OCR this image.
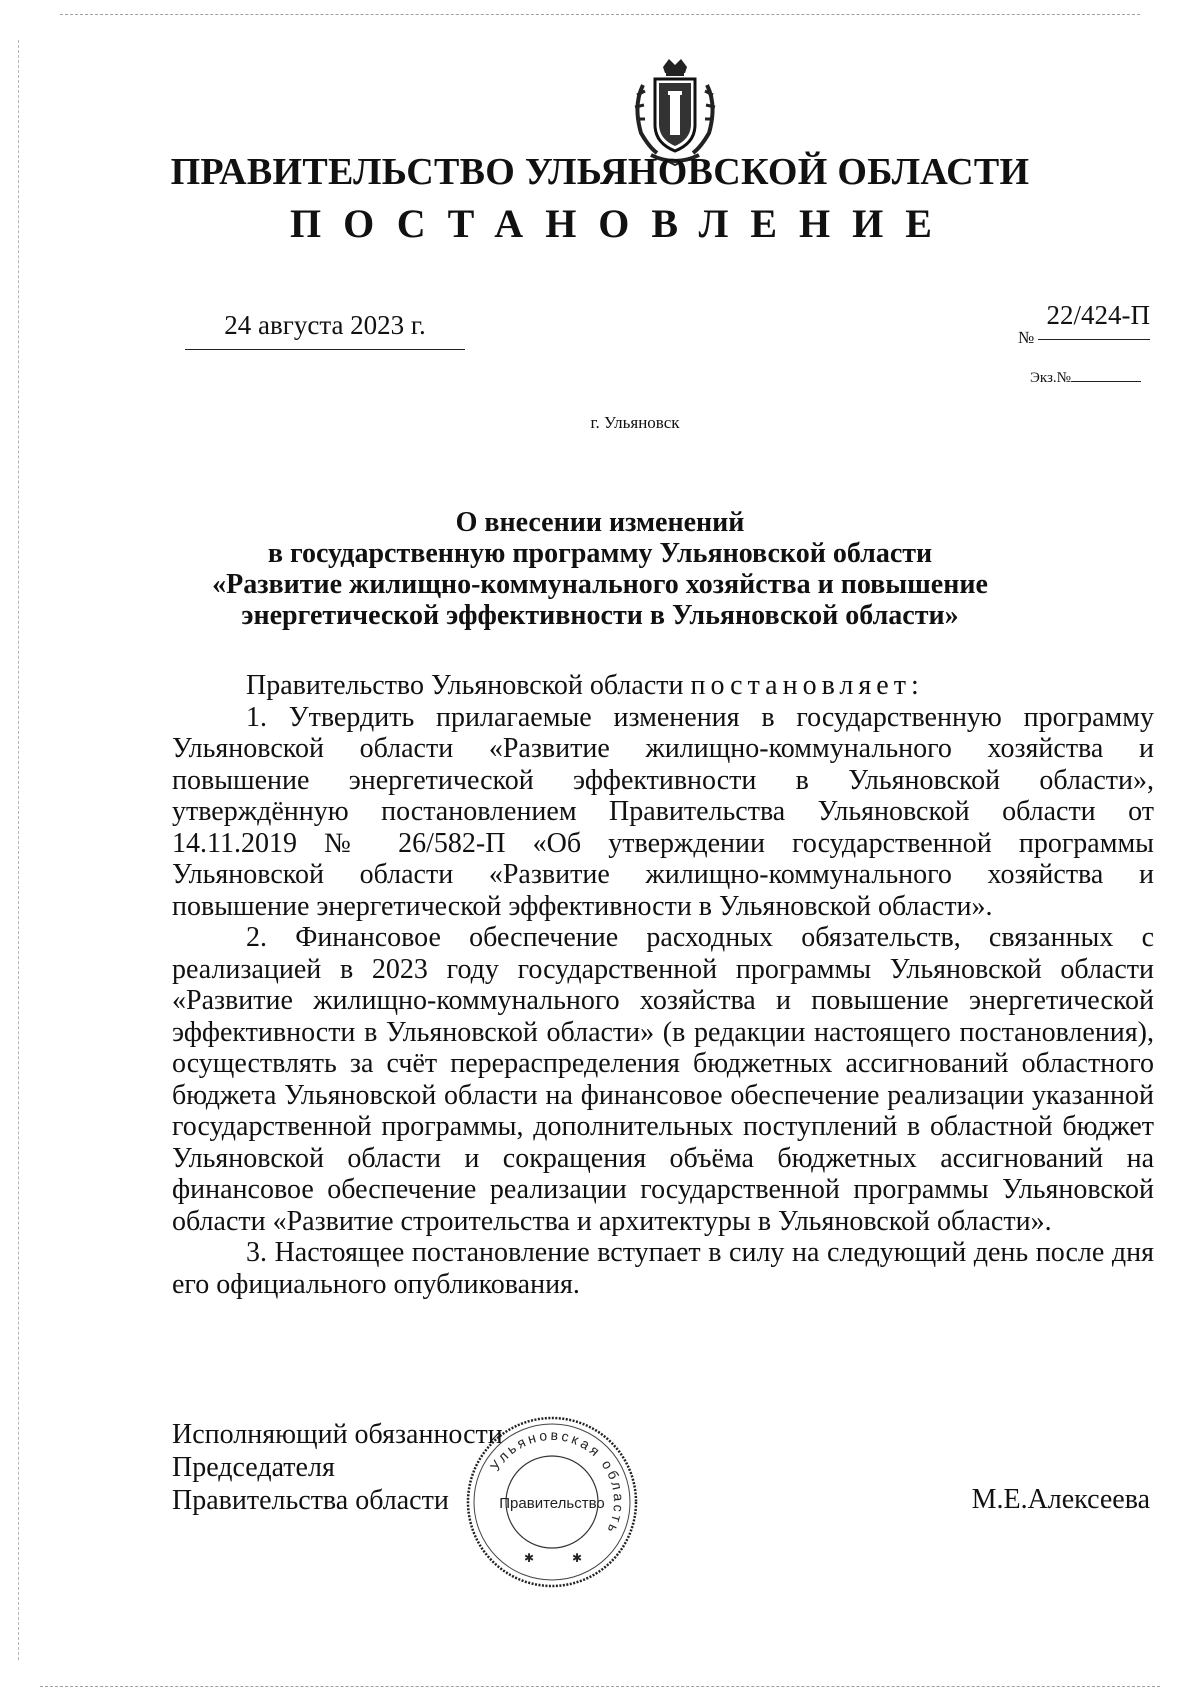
ПРАВИТЕЛЬСТВО УЛЬЯНОВСКОЙ ОБЛАСТИ
ПОСТАНОВЛЕНИЕ
24 августа 2023 г.	№
22/424-П
Экз.№
г. Ульяновск
О внесении изменений
в государственную программу Ульяновской области
«Развитие жилищно-коммунального хозяйства и повышение
энергетической эффективности в Ульяновской области»

Правительство Ульяновской области постановляет:

1. Утвердить прилагаемые изменения в государственную программу Ульяновской области «Развитие жилищно-коммунального хозяйства и повышение энергетической эффективности в Ульяновской области», утверждённую постановлением Правительства Ульяновской области от 14.11.2019 № 26/582-П «Об утверждении государственной программы Ульяновской области «Развитие жилищно-коммунального хозяйства и повышение энергетической эффективности в Ульяновской области».

2. Финансовое обеспечение расходных обязательств, связанных с реализацией в 2023 году государственной программы Ульяновской области «Развитие жилищно-коммунального хозяйства и повышение энергетической эффективности в Ульяновской области» (в редакции настоящего постановления), осуществлять за счёт перераспределения бюджетных ассигнований областного бюджета Ульяновской области на финансовое обеспечение реализации указанной государственной программы, дополнительных поступлений в областной бюджет Ульяновской области и сокращения объёма бюджетных ассигнований на финансовое обеспечение реализации государственной программы Ульяновской области «Развитие строительства и архитектуры в Ульяновской области».

3. Настоящее постановление вступает в силу на следующий день после дня его официального опубликования.

Исполняющий обязанности
Председателя
Правительства области
Ульяновская область
Правительство
✱	✱
М.Е.Алексеева
